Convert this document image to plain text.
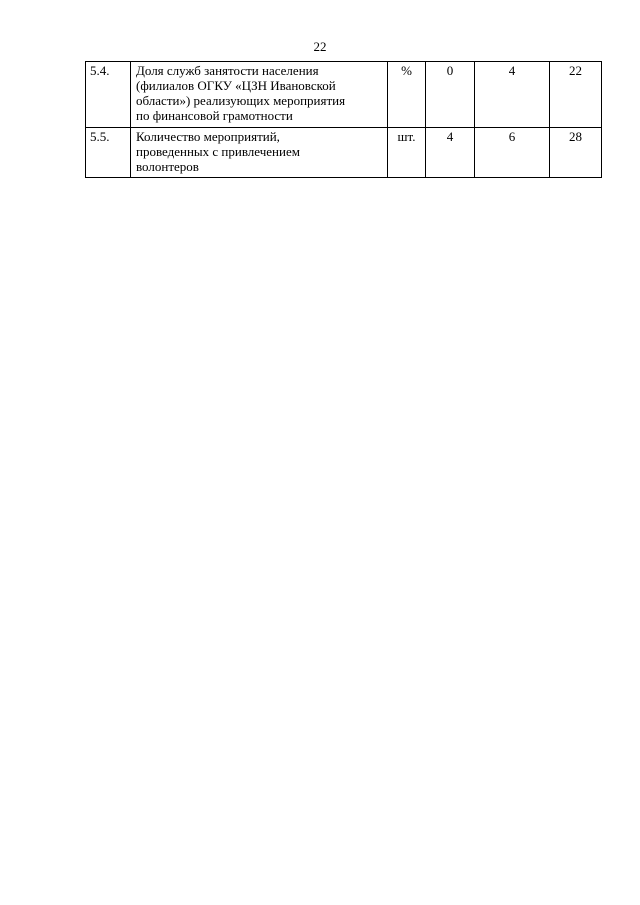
22
5.4.	Доля служб занятости населения
(филиалов ОГКУ «ЦЗН Ивановской
области») реализующих мероприятия
по финансовой грамотности	%	0	4	22
5.5.	Количество мероприятий,
проведенных с привлечением
волонтеров	шт.	4	6	28
